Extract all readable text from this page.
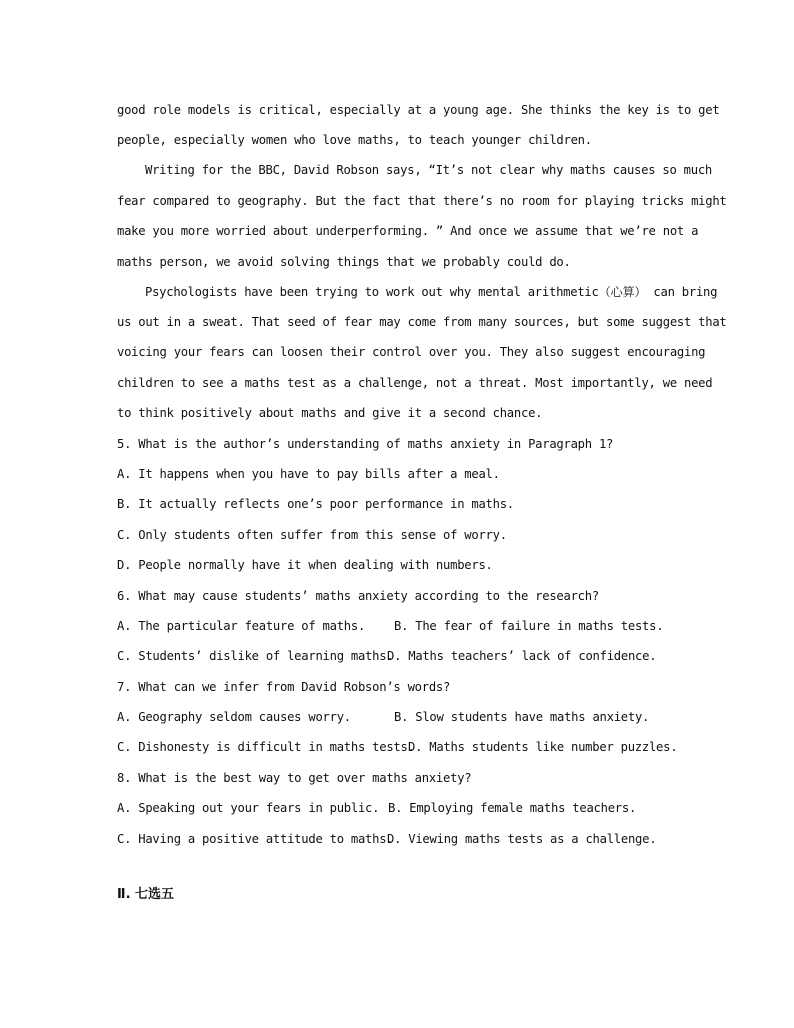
good role models is critical, especially at a young age. She thinks the key is to get
people, especially women who love maths, to teach younger children.
Writing for the BBC, David Robson says, “It’s not clear why maths causes so much
fear compared to geography. But the fact that there’s no room for playing tricks might
make you more worried about underperforming. ” And once we assume that we’re not a
maths person, we avoid solving things that we probably could do.
Psychologists have been trying to work out why mental arithmetic（心算） can bring
us out in a sweat. That seed of fear may come from many sources, but some suggest that
voicing your fears can loosen their control over you. They also suggest encouraging
children to see a maths test as a challenge, not a threat. Most importantly, we need
to think positively about maths and give it a second chance.
5. What is the author’s understanding of maths anxiety in Paragraph 1?
A. It happens when you have to pay bills after a meal.
B. It actually reflects one’s poor performance in maths.
C. Only students often suffer from this sense of worry.
D. People normally have it when dealing with numbers.
6. What may cause students’ maths anxiety according to the research?
A. The particular feature of maths. B. The fear of failure in maths tests.
C. Students’ dislike of learning maths.
D. Maths teachers’ lack of confidence.
7. What can we infer from David Robson’s words?
A. Geography seldom causes worry.	B. Slow students have maths anxiety.
C. Dishonesty is difficult in maths tests.
D. Maths students like number puzzles.
8. What is the best way to get over maths anxiety?
A. Speaking out your fears in public. B. Employing female maths teachers.
C. Having a positive attitude to maths.
D. Viewing maths tests as a challenge.
Ⅱ. 七选五
